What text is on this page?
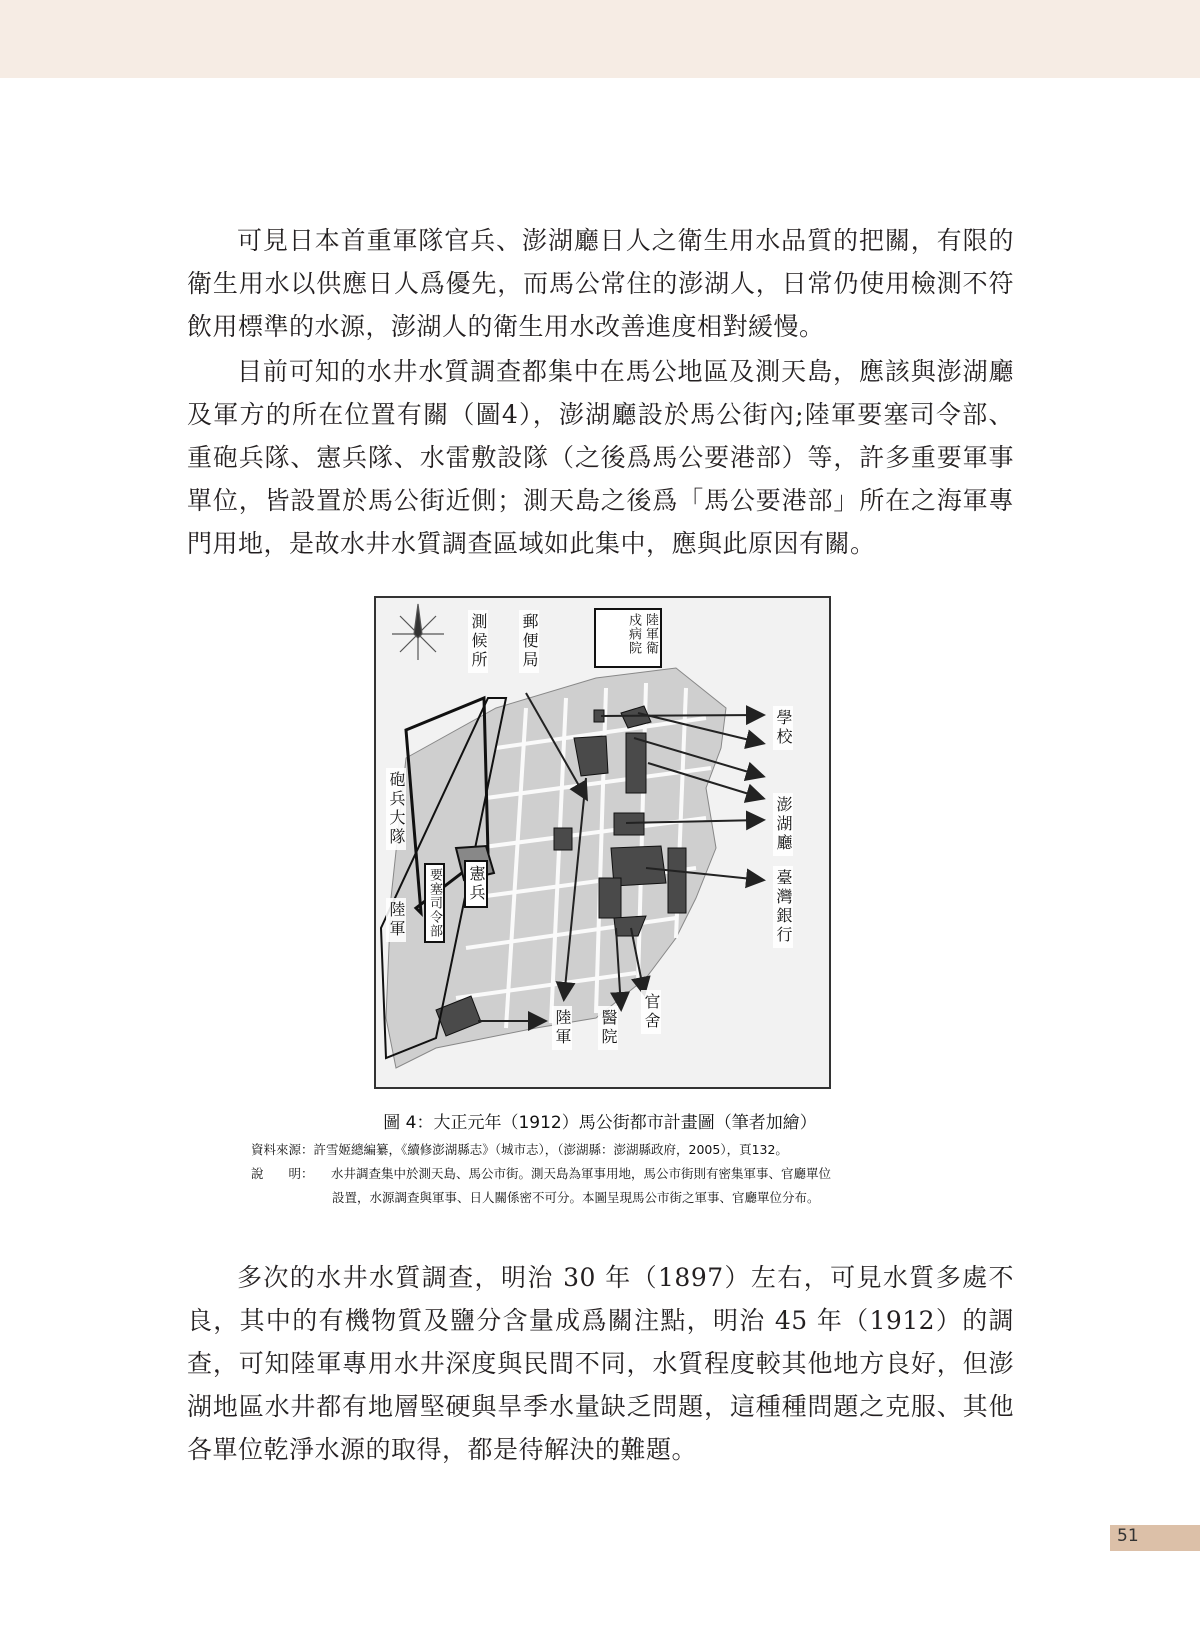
可見日本首重軍隊官兵、澎湖廳日人之衛生用水品質的把關，有限的衛生用水以供應日人爲優先，而馬公常住的澎湖人，日常仍使用檢測不符飲用標準的水源，澎湖人的衛生用水改善進度相對緩慢。

目前可知的水井水質調查都集中在馬公地區及測天島，應該與澎湖廳及軍方的所在位置有關（圖4），澎湖廳設於馬公街內;陸軍要塞司令部、重砲兵隊、憲兵隊、水雷敷設隊（之後爲馬公要港部）等，許多重要軍事單位，皆設置於馬公街近側；測天島之後爲「馬公要港部」所在之海軍專門用地，是故水井水質調查區域如此集中，應與此原因有關。

測候所 郵便局	陸軍衛戍病院
學校
澎湖廳
臺灣銀行
砲兵大隊
陸軍 要塞司令部 憲兵
陸軍 醫院 官舍
圖 4：大正元年（1912）馬公街都市計畫圖（筆者加繪）
資料來源：許雪姬總編纂，《續修澎湖縣志》（城市志），（澎湖縣：澎湖縣政府，2005），頁132。
說　　明： 水井調查集中於測天島、馬公市街。測天島為軍事用地，馬公市街則有密集軍事、官廳單位
設置，水源調查與軍事、日人關係密不可分。本圖呈現馬公市街之軍事、官廳單位分布。

多次的水井水質調查，明治 30 年（1897）左右，可見水質多處不良，其中的有機物質及鹽分含量成爲關注點，明治 45 年（1912）的調查，可知陸軍專用水井深度與民間不同，水質程度較其他地方良好，但澎湖地區水井都有地層堅硬與旱季水量缺乏問題，這種種問題之克服、其他各單位乾淨水源的取得，都是待解決的難題。

51
